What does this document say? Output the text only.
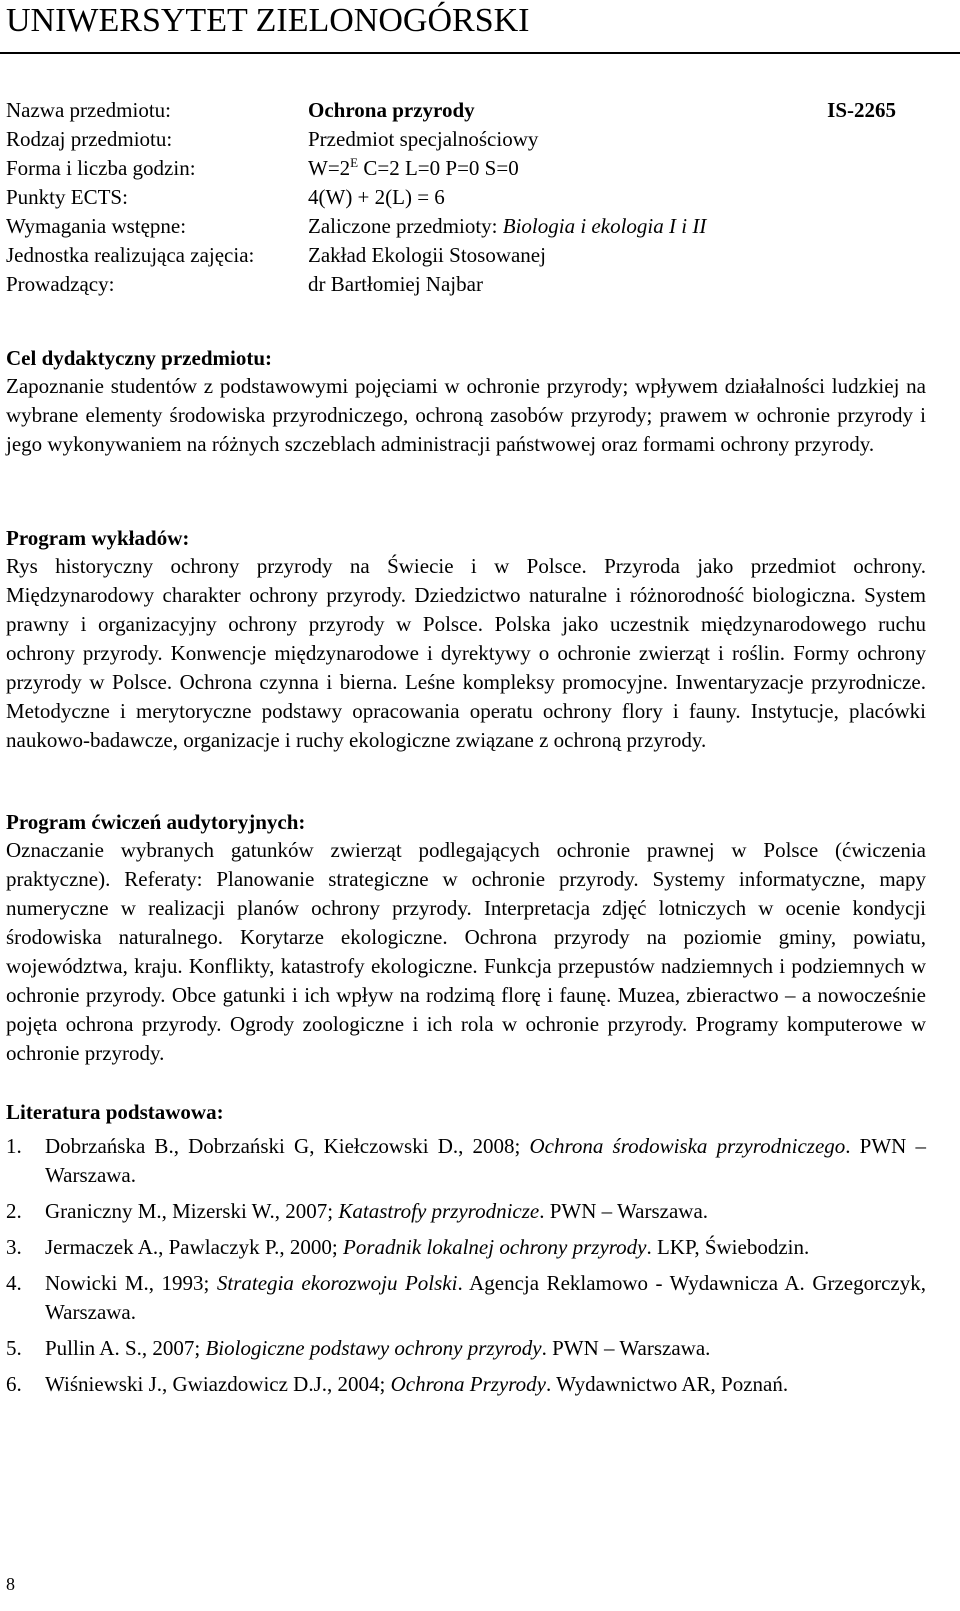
UNIWERSYTET ZIELONOGÓRSKI
Nazwa przedmiotu:	Ochrona przyrody	IS-2265
Rodzaj przedmiotu:	Przedmiot specjalnościowy
Forma i liczba godzin:	$W=2^E$ C=2 L=0 P=0 S=0
Punkty ECTS:	4(W) + 2(L) = 6
Wymagania wstępne:	Zaliczone przedmioty: Biologia i ekologia I i II
Jednostka realizująca zajęcia:	Zakład Ekologii Stosowanej
Prowadzący:	dr Bartłomiej Najbar

Cel dydaktyczny przedmiotu:

Zapoznanie studentów z podstawowymi pojęciami w ochronie przyrody; wpływem działalności ludzkiej na wybrane elementy środowiska przyrodniczego, ochroną zasobów przyrody; prawem w ochronie przyrody i jego wykonywaniem na różnych szczeblach administracji państwowej oraz formami ochrony przyrody.

Program wykładów:

Rys historyczny ochrony przyrody na Świecie i w Polsce. Przyroda jako przedmiot ochrony. Międzynarodowy charakter ochrony przyrody. Dziedzictwo naturalne i różnorodność biologiczna. System prawny i organizacyjny ochrony przyrody w Polsce. Polska jako uczestnik międzynarodowego ruchu ochrony przyrody. Konwencje międzynarodowe i dyrektywy o ochronie zwierząt i roślin. Formy ochrony przyrody w Polsce. Ochrona czynna i bierna. Leśne kompleksy promocyjne. Inwentaryzacje przyrodnicze. Metodyczne i merytoryczne podstawy opracowania operatu ochrony flory i fauny. Instytucje, placówki naukowo-badawcze, organizacje i ruchy ekologiczne związane z ochroną przyrody.

Program ćwiczeń audytoryjnych:

Oznaczanie wybranych gatunków zwierząt podlegających ochronie prawnej w Polsce (ćwiczenia praktyczne). Referaty: Planowanie strategiczne w ochronie przyrody. Systemy informatyczne, mapy numeryczne w realizacji planów ochrony przyrody. Interpretacja zdjęć lotniczych w ocenie kondycji środowiska naturalnego. Korytarze ekologiczne. Ochrona przyrody na poziomie gminy, powiatu, województwa, kraju. Konflikty, katastrofy ekologiczne. Funkcja przepustów nadziemnych i podziemnych w ochronie przyrody. Obce gatunki i ich wpływ na rodzimą florę i faunę. Muzea, zbieractwo – a nowocześnie pojęta ochrona przyrody. Ogrody zoologiczne i ich rola w ochronie przyrody. Programy komputerowe w ochronie przyrody.

Literatura podstawowa:

1. Dobrzańska B., Dobrzański G, Kiełczowski D., 2008; Ochrona środowiska przyrodniczego. PWN – Warszawa.
2. Graniczny M., Mizerski W., 2007; Katastrofy przyrodnicze. PWN – Warszawa.
3. Jermaczek A., Pawlaczyk P., 2000; Poradnik lokalnej ochrony przyrody. LKP, Świebodzin.
4. Nowicki M., 1993; Strategia ekorozwoju Polski. Agencja Reklamowo - Wydawnicza A. Grzegorczyk, Warszawa.
5. Pullin A. S., 2007; Biologiczne podstawy ochrony przyrody. PWN – Warszawa.
6. Wiśniewski J., Gwiazdowicz D.J., 2004; Ochrona Przyrody. Wydawnictwo AR, Poznań.
8
